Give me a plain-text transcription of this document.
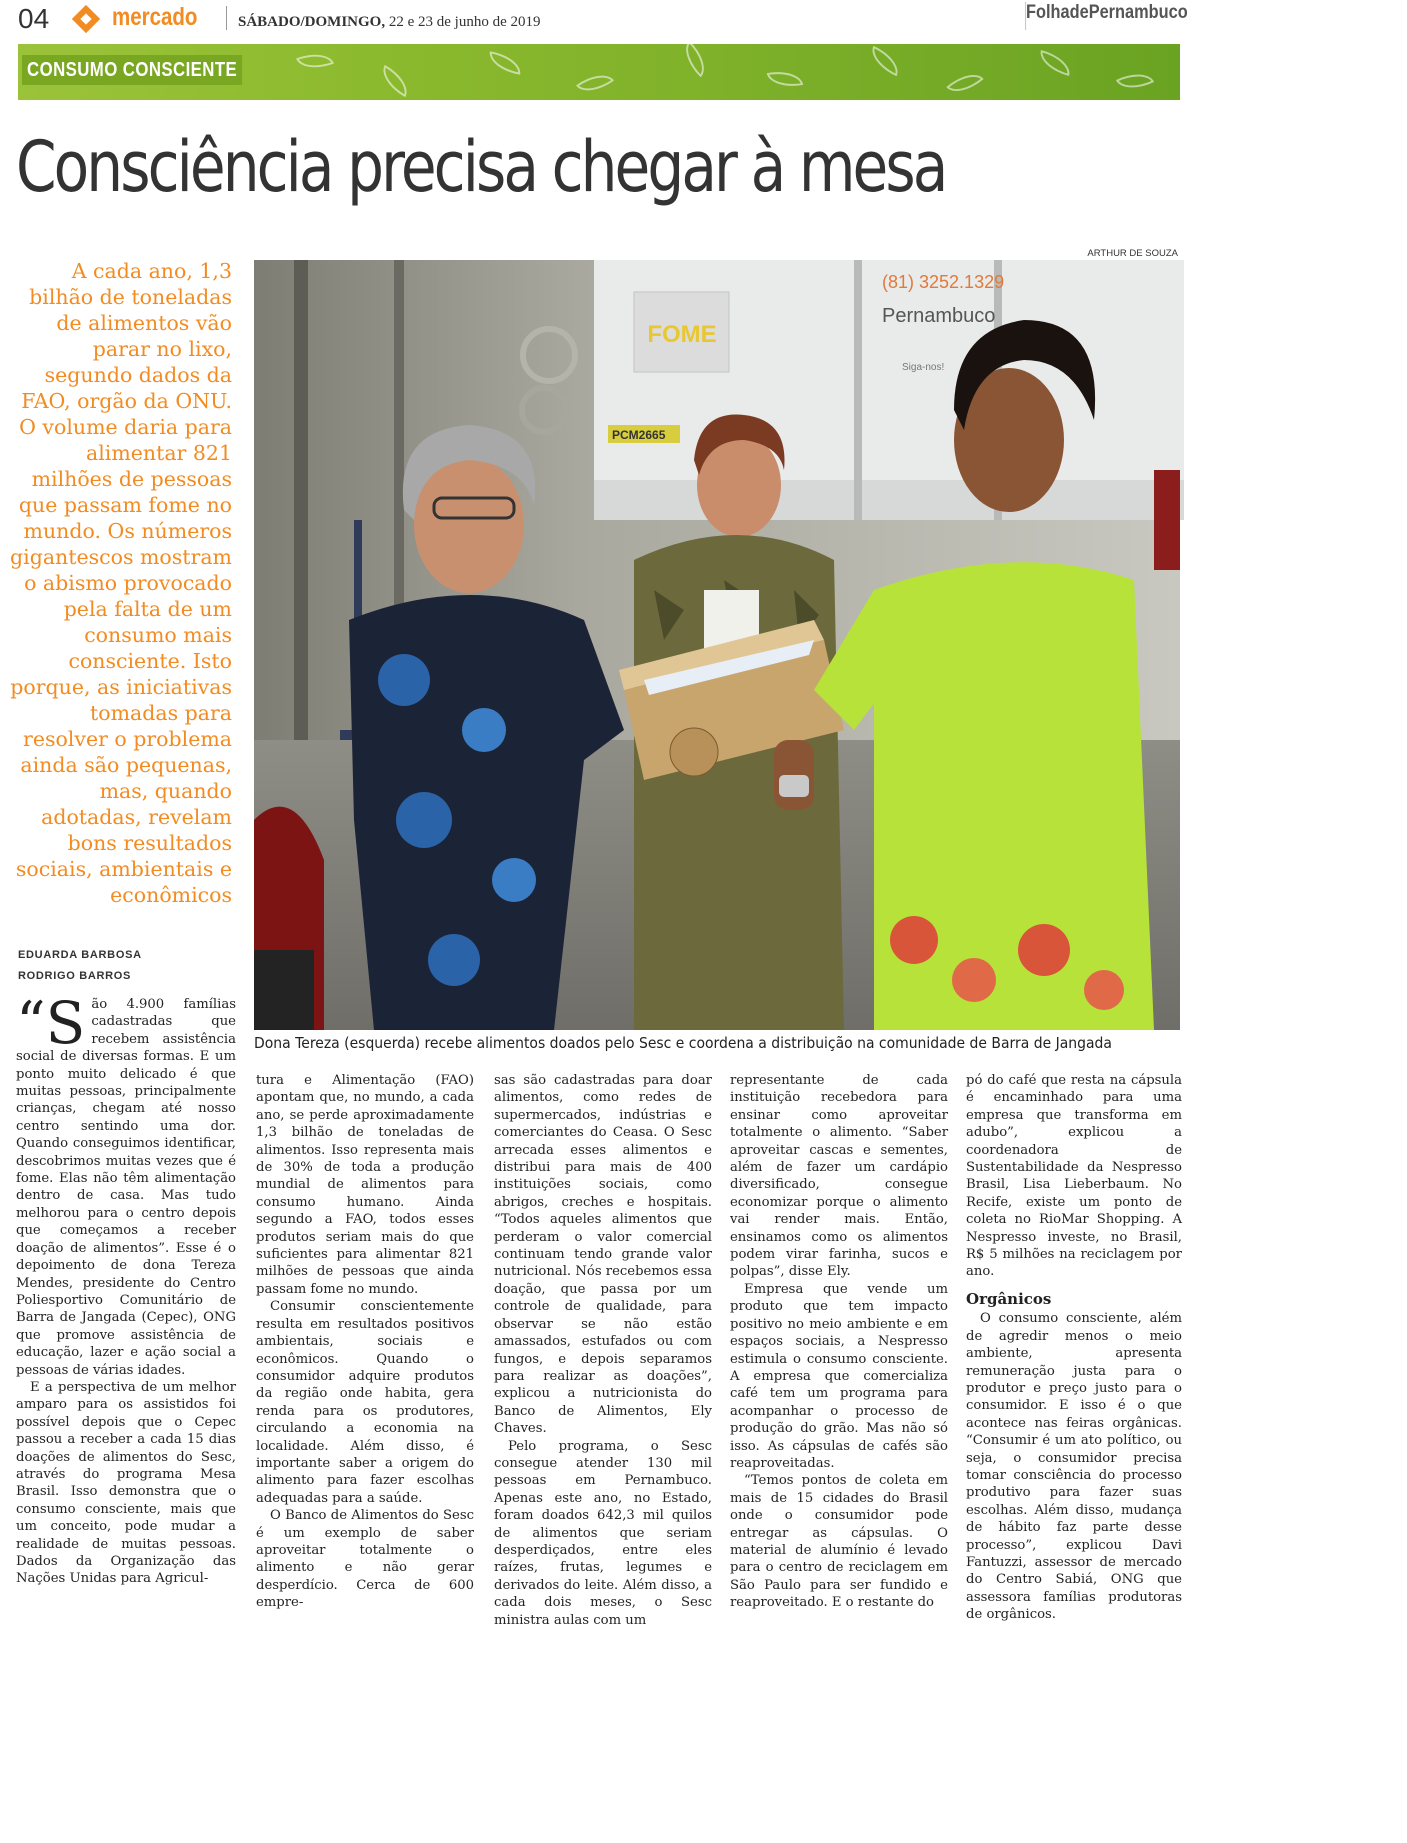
04	mercado	SÁBADO/DOMINGO, 22 e 23 de junho de 2019	FolhadePernambuco
CONSUMO CONSCIENTE
Consciência precisa chegar à mesa
A cada ano, 1,3 bilhão de toneladas de alimentos vão parar no lixo, segundo dados da FAO, orgão da ONU. O volume daria para alimentar 821 milhões de pessoas que passam fome no mundo. Os números gigantescos mostram o abismo provocado pela falta de um consumo mais consciente. Isto porque, as iniciativas tomadas para resolver o problema ainda são pequenas, mas, quando adotadas, revelam bons resultados sociais, ambientais e econômicos
EDUARDA BARBOSA
RODRIGO BARROS
ARTHUR DE SOUZA
FOME
(81) 3252.1329
Pernambuco
Siga-nos!
PCM2665
Dona Tereza (esquerda) recebe alimentos doados pelo Sesc e coordena a distribuição na comunidade de Barra de Jangada
“S ão 4.900 famílias cadastradas que recebem assistência social de diversas formas. E um ponto muito delicado é que muitas pessoas, principalmente crianças, chegam até nosso centro sentindo uma dor. Quando conseguimos identificar, descobrimos muitas vezes que é fome. Elas não têm alimentação dentro de casa. Mas tudo melhorou para o centro depois que começamos a receber doação de alimentos”. Esse é o depoimento de dona Tereza Mendes, presidente do Centro Poliesportivo Comunitário de Barra de Jangada (Cepec), ONG que promove assistência de educação, lazer e ação social a pessoas de várias idades.

E a perspectiva de um melhor amparo para os assistidos foi possível depois que o Cepec passou a receber a cada 15 dias doações de alimentos do Sesc, através do programa Mesa Brasil. Isso demonstra que o consumo consciente, mais que um conceito, pode mudar a realidade de muitas pessoas. Dados da Organização das Nações Unidas para Agricul-

tura e Alimentação (FAO) apontam que, no mundo, a cada ano, se perde aproximadamente 1,3 bilhão de toneladas de alimentos. Isso representa mais de 30% de toda a produção mundial de alimentos para consumo humano. Ainda segundo a FAO, todos esses produtos seriam mais do que suficientes para alimentar 821 milhões de pessoas que ainda passam fome no mundo.

Consumir conscientemente resulta em resultados positivos ambientais, sociais e econômicos. Quando o consumidor adquire produtos da região onde habita, gera renda para os produtores, circulando a economia na localidade. Além disso, é importante saber a origem do alimento para fazer escolhas adequadas para a saúde.

O Banco de Alimentos do Sesc é um exemplo de saber aproveitar totalmente o alimento e não gerar desperdício. Cerca de 600 empre-

sas são cadastradas para doar alimentos, como redes de supermercados, indústrias e comerciantes do Ceasa. O Sesc arrecada esses alimentos e distribui para mais de 400 instituições sociais, como abrigos, creches e hospitais. “Todos aqueles alimentos que perderam o valor comercial continuam tendo grande valor nutricional. Nós recebemos essa doação, que passa por um controle de qualidade, para observar se não estão amassados, estufados ou com fungos, e depois separamos para realizar as doações”, explicou a nutricionista do Banco de Alimentos, Ely Chaves.

Pelo programa, o Sesc consegue atender 130 mil pessoas em Pernambuco. Apenas este ano, no Estado, foram doados 642,3 mil quilos de alimentos que seriam desperdiçados, entre eles raízes, frutas, legumes e derivados do leite. Além disso, a cada dois meses, o Sesc ministra aulas com um

representante de cada instituição recebedora para ensinar como aproveitar totalmente o alimento. “Saber aproveitar cascas e sementes, além de fazer um cardápio diversificado, consegue economizar porque o alimento vai render mais. Então, ensinamos como os alimentos podem virar farinha, sucos e polpas”, disse Ely.

Empresa que vende um produto que tem impacto positivo no meio ambiente e em espaços sociais, a Nespresso estimula o consumo consciente. A empresa que comercializa café tem um programa para acompanhar o processo de produção do grão. Mas não só isso. As cápsulas de cafés são reaproveitadas.

“Temos pontos de coleta em mais de 15 cidades do Brasil onde o consumidor pode entregar as cápsulas. O material de alumínio é levado para o centro de reciclagem em São Paulo para ser fundido e reaproveitado. E o restante do

pó do café que resta na cápsula é encaminhado para uma empresa que transforma em adubo”, explicou a coordenadora de Sustentabilidade da Nespresso Brasil, Lisa Lieberbaum. No Recife, existe um ponto de coleta no RioMar Shopping. A Nespresso investe, no Brasil, R$ 5 milhões na reciclagem por ano.

Orgânicos

O consumo consciente, além de agredir menos o meio ambiente, apresenta remuneração justa para o produtor e preço justo para o consumidor. E isso é o que acontece nas feiras orgânicas. “Consumir é um ato político, ou seja, o consumidor precisa tomar consciência do processo produtivo para fazer suas escolhas. Além disso, mudança de hábito faz parte desse processo”, explicou Davi Fantuzzi, assessor de mercado do Centro Sabiá, ONG que assessora famílias produtoras de orgânicos.
